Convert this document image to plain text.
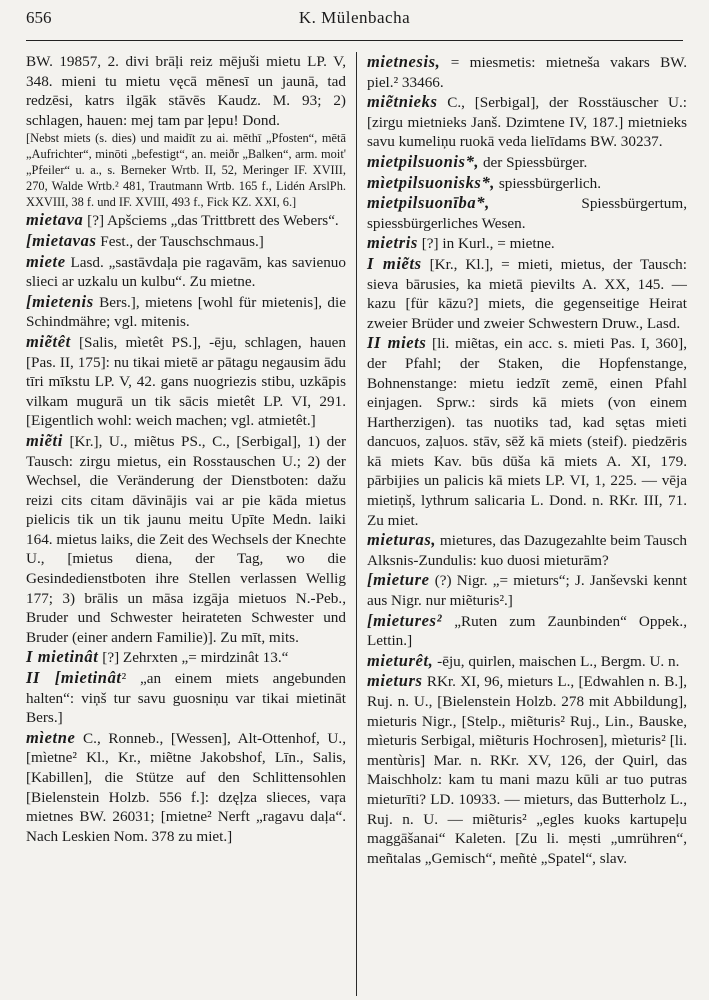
656	K. Mülenbacha

BW. 19857, 2. divi brāļi reiz mējuši mietu LP. V, 348. mieni tu mietu vęcā mēnesī un jaunā, tad redzēsi, katrs ilgāk stāvēs Kaudz. M. 93; 2) schlagen, hauen: mej tam par ļepu! Dond.

[Nebst miets (s. dies) und maidīt zu ai. mēthī „Pfosten“, mētā „Aufrichter“, minōti „befestigt“, an. meiðr „Balken“, arm. moit' „Pfeiler“ u. a., s. Berneker Wrtb. II, 52, Meringer IF. XVIII, 270, Walde Wrtb.² 481, Trautmann Wrtb. 165 f., Lidén ArslPh. XXVIII, 38 f. und IF. XVIII, 493 f., Fick KZ. XXI, 6.]

mietava [?] Apšciems „das Trittbrett des Webers“.

[mietavas Fest., der Tauschschmaus.]

miete Lasd. „sastāvdaļa pie ragavām, kas savienuo slieci ar uzkalu un kulbu“. Zu mietne.

[mietenis Bers.], mietens [wohl für mietenis], die Schindmähre; vgl. mitenis.

miẽtêt [Salis, mìetêt PS.], -ēju, schlagen, hauen [Pas. II, 175]: nu tikai mietē ar pātagu negausim ādu tīri mīkstu LP. V, 42. gans nuogriezis stibu, uzkāpis vilkam mugurā un tik sācis mietêt LP. VI, 291. [Eigentlich wohl: weich machen; vgl. atmietêt.]

miẽti [Kr.], U., miẽtus PS., C., [Serbigal], 1) der Tausch: zirgu mietus, ein Rosstauschen U.; 2) der Wechsel, die Veränderung der Dienstboten: dažu reizi cits citam dāvinājis vai ar pie kāda mietus pielicis tik un tik jaunu meitu Upīte Medn. laiki 164. mietus laiks, die Zeit des Wechsels der Knechte U., [mietus diena, der Tag, wo die Gesindedienstboten ihre Stellen verlassen Wellig 177; 3) brālis un māsa izgāja mietuos N.-Peb., Bruder und Schwester heirateten Schwester und Bruder (einer andern Familie)]. Zu mīt, mits.

I mietinât [?] Zehrxten „= mirdzinât 13.“

II [mietinât² „an einem miets angebunden halten“: viņš tur savu guosniņu var tikai mietināt Bers.]

mìetne C., Ronneb., [Wessen], Alt-Ottenhof, U., [mìetne² Kl., Kr., miẽtne Jakobshof, Līn., Salis, [Kabillen], die Stütze auf den Schlittensohlen [Bielenstein Holzb. 556 f.]: dzęļza slieces, vaŗa mietnes BW. 26031; [mietne² Nerft „ragavu daļa“. Nach Leskien Nom. 378 zu miet.]

mietnesis, = miesmetis: mietneša vakars BW. piel.² 33466.

miẽtnieks C., [Serbigal], der Rosstäuscher U.: [zirgu mietnieks Janš. Dzimtene IV, 187.] mietnieks savu kumeliņu ruokā veda lielīdams BW. 30237.

mietpilsuonis*, der Spiessbürger.

mìetpilsuonisks*, spiessbürgerlich.

mietpilsuonība*, Spiessbürgertum, spiessbürgerliches Wesen.

mietris [?] in Kurl., = mietne.

I miẽts [Kr., Kl.], = mieti, mietus, der Tausch: sieva bārusies, ka mietā pievilts A. XX, 145. — kazu [für kāzu?] miets, die gegenseitige Heirat zweier Brüder und zweier Schwestern Druw., Lasd.

II miets [li. miẽtas, ein acc. s. mieti Pas. I, 360], der Pfahl; der Staken, die Hopfenstange, Bohnenstange: mietu iedzīt zemē, einen Pfahl einjagen. Sprw.: sirds kā miets (von einem Hartherzigen). tas nuotiks tad, kad sętas mieti dancuos, zaļuos. stāv, sēž kā miets (steif). piedzēris kā miets Kav. būs dūša kā miets A. XI, 179. pārbijies un palicis kā miets LP. VI, 1, 225. — vēja mietiņš, lythrum salicaria L. Dond. n. RKr. III, 71. Zu miet.

mieturas, mietures, das Dazugezahlte beim Tausch Alksnis-Zundulis: kuo duosi mieturām?

[mieture (?) Nigr. „= mieturs“; J. Janševski kennt aus Nigr. nur miẽturis².]

[mietures² „Ruten zum Zaunbinden“ Oppek., Lettin.]

mieturêt, -ēju, quirlen, maischen L., Bergm. U. n.

mieturs RKr. XI, 96, mieturs L., [Edwahlen n. B.], Ruj. n. U., [Bielenstein Holzb. 278 mit Abbildung], mieturis Nigr., [Stelp., miẽturis² Ruj., Lin., Bauske, mìeturis Serbigal, miẽturis Hochrosen], mìeturis² [li. mentùris] Mar. n. RKr. XV, 126, der Quirl, das Maischholz: kam tu mani mazu kūli ar tuo putras mieturīti? LD. 10933. — mieturs, das Butterholz L., Ruj. n. U. — miẽturis² „egles kuoks kartupeļu maggāšanai“ Kaleten. [Zu li. mẹsti „umrühren“, meñtalas „Gemisch“, meñtė „Spatel“, slav.
